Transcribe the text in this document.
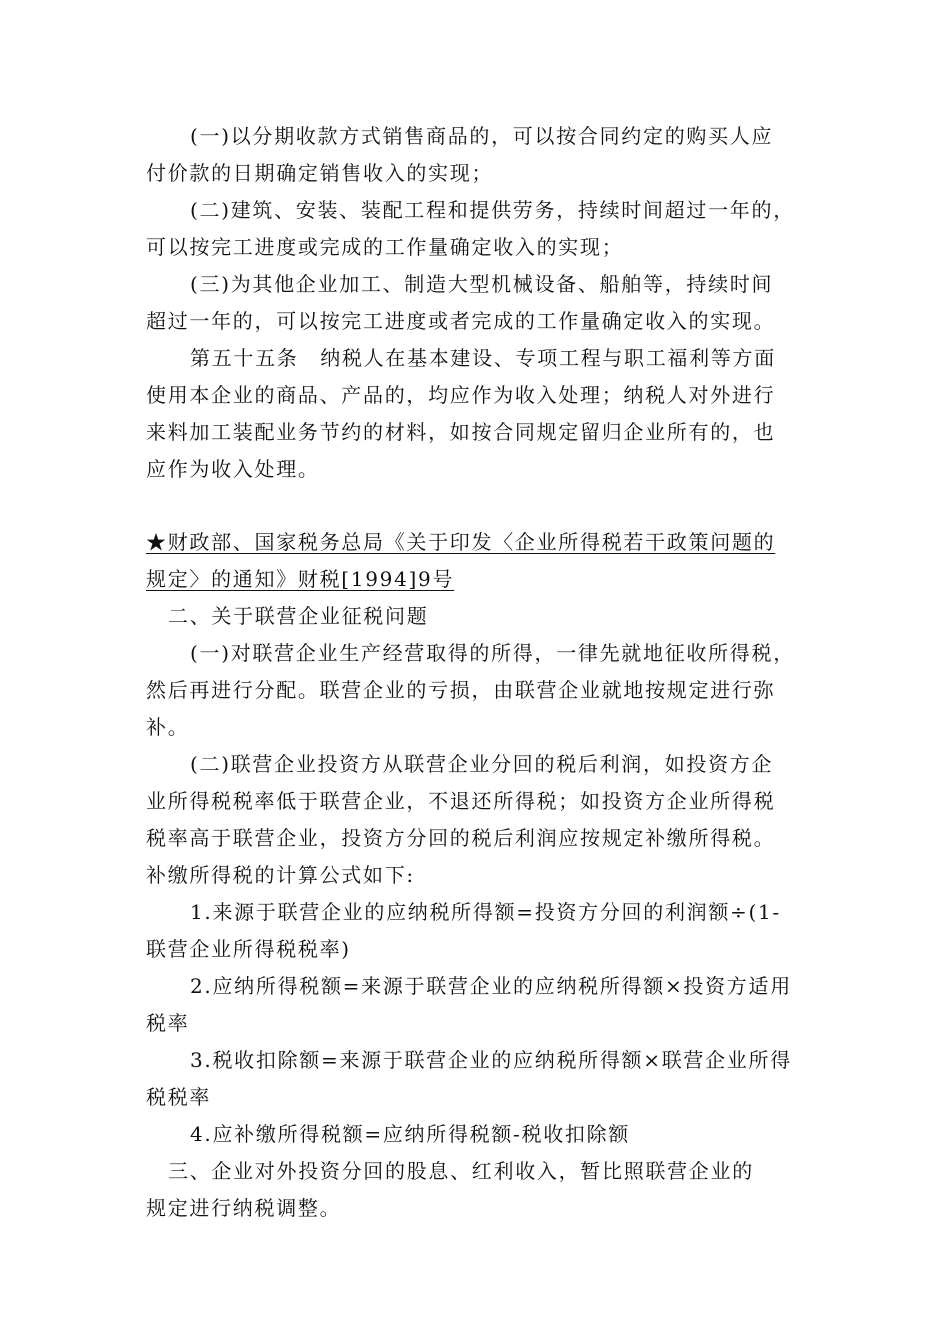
(一)以分期收款方式销售商品的，可以按合同约定的购买人应
付价款的日期确定销售收入的实现；
(二)建筑、安装、装配工程和提供劳务，持续时间超过一年的，
可以按完工进度或完成的工作量确定收入的实现；
(三)为其他企业加工、制造大型机械设备、船舶等，持续时间
超过一年的，可以按完工进度或者完成的工作量确定收入的实现。
第五十五条　纳税人在基本建设、专项工程与职工福利等方面
使用本企业的商品、产品的，均应作为收入处理；纳税人对外进行
来料加工装配业务节约的材料，如按合同规定留归企业所有的，也
应作为收入处理。
★财政部、国家税务总局《关于印发〈企业所得税若干政策问题的
规定〉的通知》财税[1994]9号
二、关于联营企业征税问题
(一)对联营企业生产经营取得的所得，一律先就地征收所得税，
然后再进行分配。联营企业的亏损，由联营企业就地按规定进行弥
补。
(二)联营企业投资方从联营企业分回的税后利润，如投资方企
业所得税税率低于联营企业，不退还所得税；如投资方企业所得税
税率高于联营企业，投资方分回的税后利润应按规定补缴所得税。
补缴所得税的计算公式如下:
1.来源于联营企业的应纳税所得额=投资方分回的利润额÷(1-
联营企业所得税税率)
2.应纳所得税额=来源于联营企业的应纳税所得额×投资方适用
税率
3.税收扣除额=来源于联营企业的应纳税所得额×联营企业所得
税税率
4.应补缴所得税额=应纳所得税额-税收扣除额
三、企业对外投资分回的股息、红利收入，暂比照联营企业的
规定进行纳税调整。
